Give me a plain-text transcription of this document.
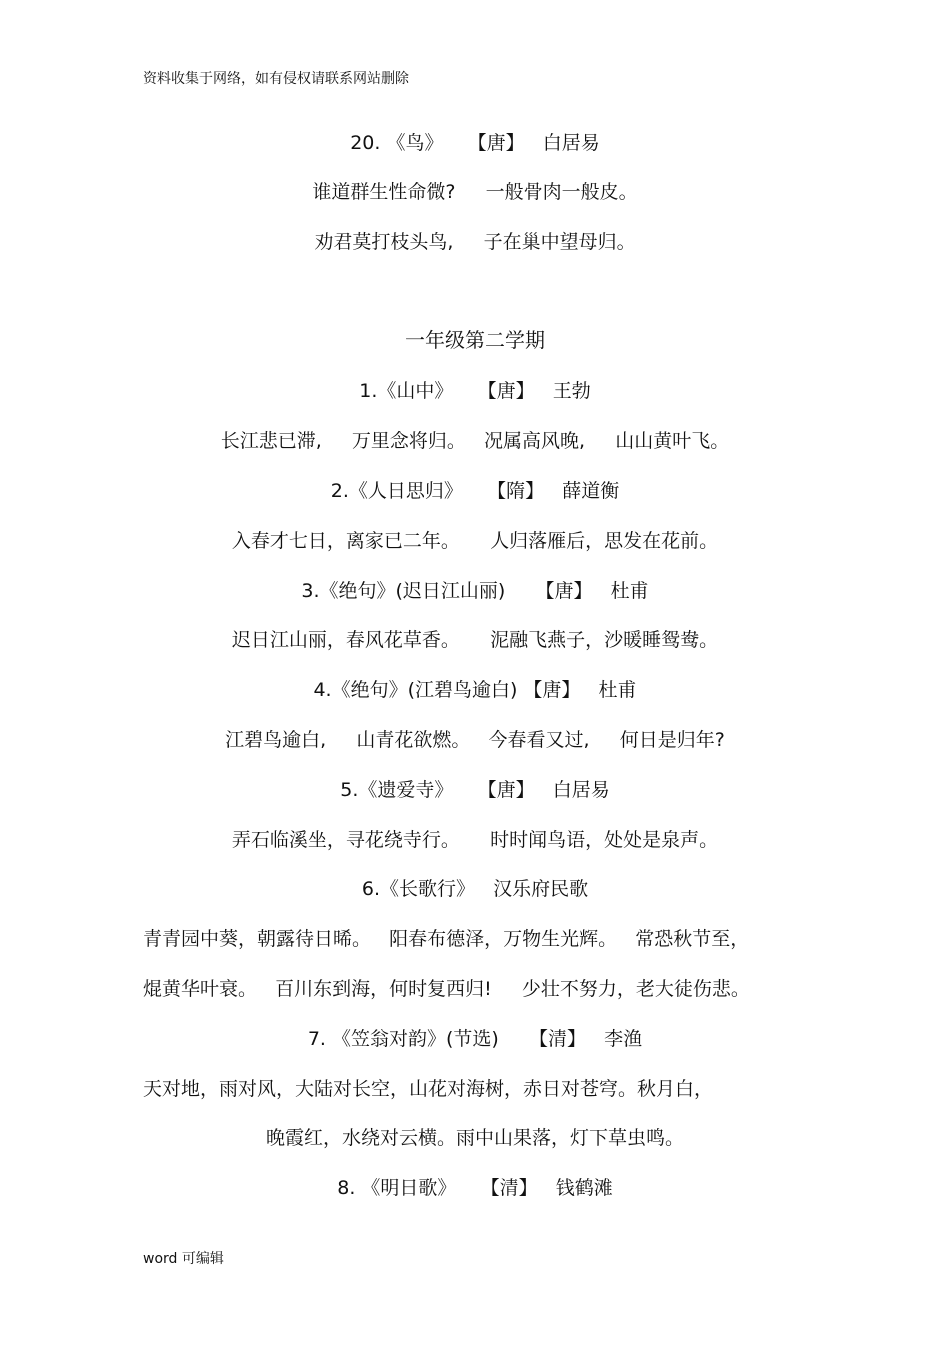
资料收集于网络，如有侵权请联系网站删除
20. 《鸟》    【唐】   白居易
谁道群生性命微?     一般骨肉一般皮。
劝君莫打枝头鸟,     子在巢中望母归。
一年级第二学期
1.《山中》    【唐】   王勃
长江悲已滞,     万里念将归。   况属高风晚,     山山黄叶飞。
2.《人日思归》    【隋】   薛道衡
入春才七日，离家已二年。     人归落雁后，思发在花前。
3.《绝句》(迟日江山丽)     【唐】   杜甫
迟日江山丽，春风花草香。     泥融飞燕子，沙暖睡鸳鸯。
4.《绝句》(江碧鸟逾白) 【唐】   杜甫
江碧鸟逾白,     山青花欲燃。   今春看又过,     何日是归年?
5.《遗爱寺》    【唐】   白居易
弄石临溪坐，寻花绕寺行。     时时闻鸟语，处处是泉声。
6.《长歌行》   汉乐府民歌
青青园中葵，朝露待日晞。   阳春布德泽，万物生光辉。   常恐秋节至，
焜黄华叶衰。   百川东到海，何时复西归!     少壮不努力，老大徒伤悲。
7. 《笠翁对韵》(节选)     【清】   李渔
天对地，雨对风，大陆对长空，山花对海树，赤日对苍穹。秋月白，
晚霞红，水绕对云横。雨中山果落，灯下草虫鸣。
8. 《明日歌》    【清】   钱鹤滩
word 可编辑
